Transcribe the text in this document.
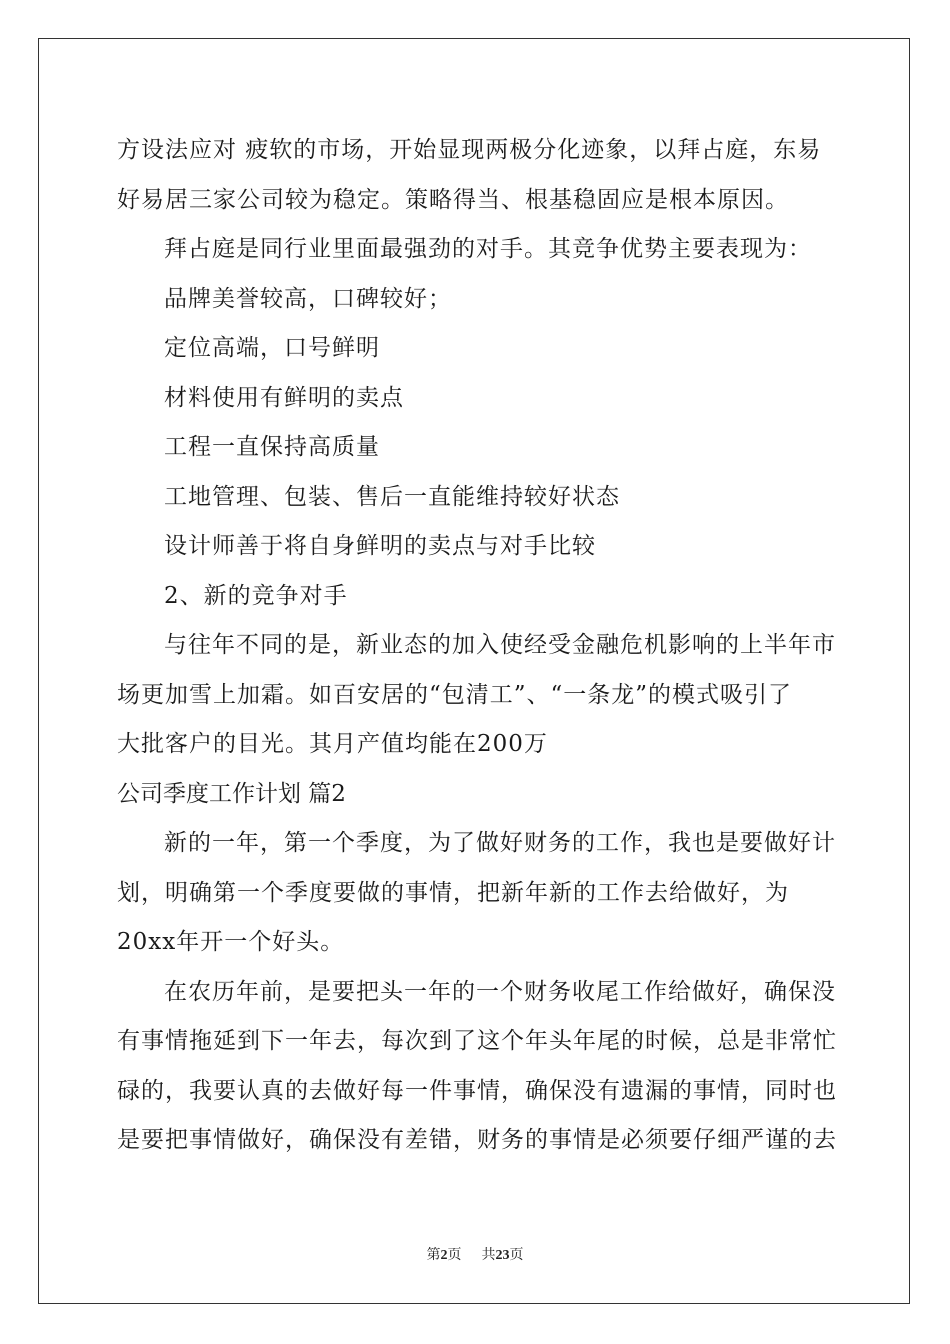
方设法应对 疲软的市场，开始显现两极分化迹象，以拜占庭，东易
好易居三家公司较为稳定。策略得当、根基稳固应是根本原因。
拜占庭是同行业里面最强劲的对手。其竞争优势主要表现为：
品牌美誉较高，口碑较好；
定位高端，口号鲜明
材料使用有鲜明的卖点
工程一直保持高质量
工地管理、包装、售后一直能维持较好状态
设计师善于将自身鲜明的卖点与对手比较
2、新的竞争对手
与往年不同的是，新业态的加入使经受金融危机影响的上半年市
场更加雪上加霜。如百安居的“包清工”、“一条龙”的模式吸引了
大批客户的目光。其月产值均能在200万
公司季度工作计划 篇2
新的一年，第一个季度，为了做好财务的工作，我也是要做好计
划，明确第一个季度要做的事情，把新年新的工作去给做好，为
20xx年开一个好头。
在农历年前，是要把头一年的一个财务收尾工作给做好，确保没
有事情拖延到下一年去，每次到了这个年头年尾的时候，总是非常忙
碌的，我要认真的去做好每一件事情，确保没有遗漏的事情，同时也
是要把事情做好，确保没有差错，财务的事情是必须要仔细严谨的去
第2页 共23页
